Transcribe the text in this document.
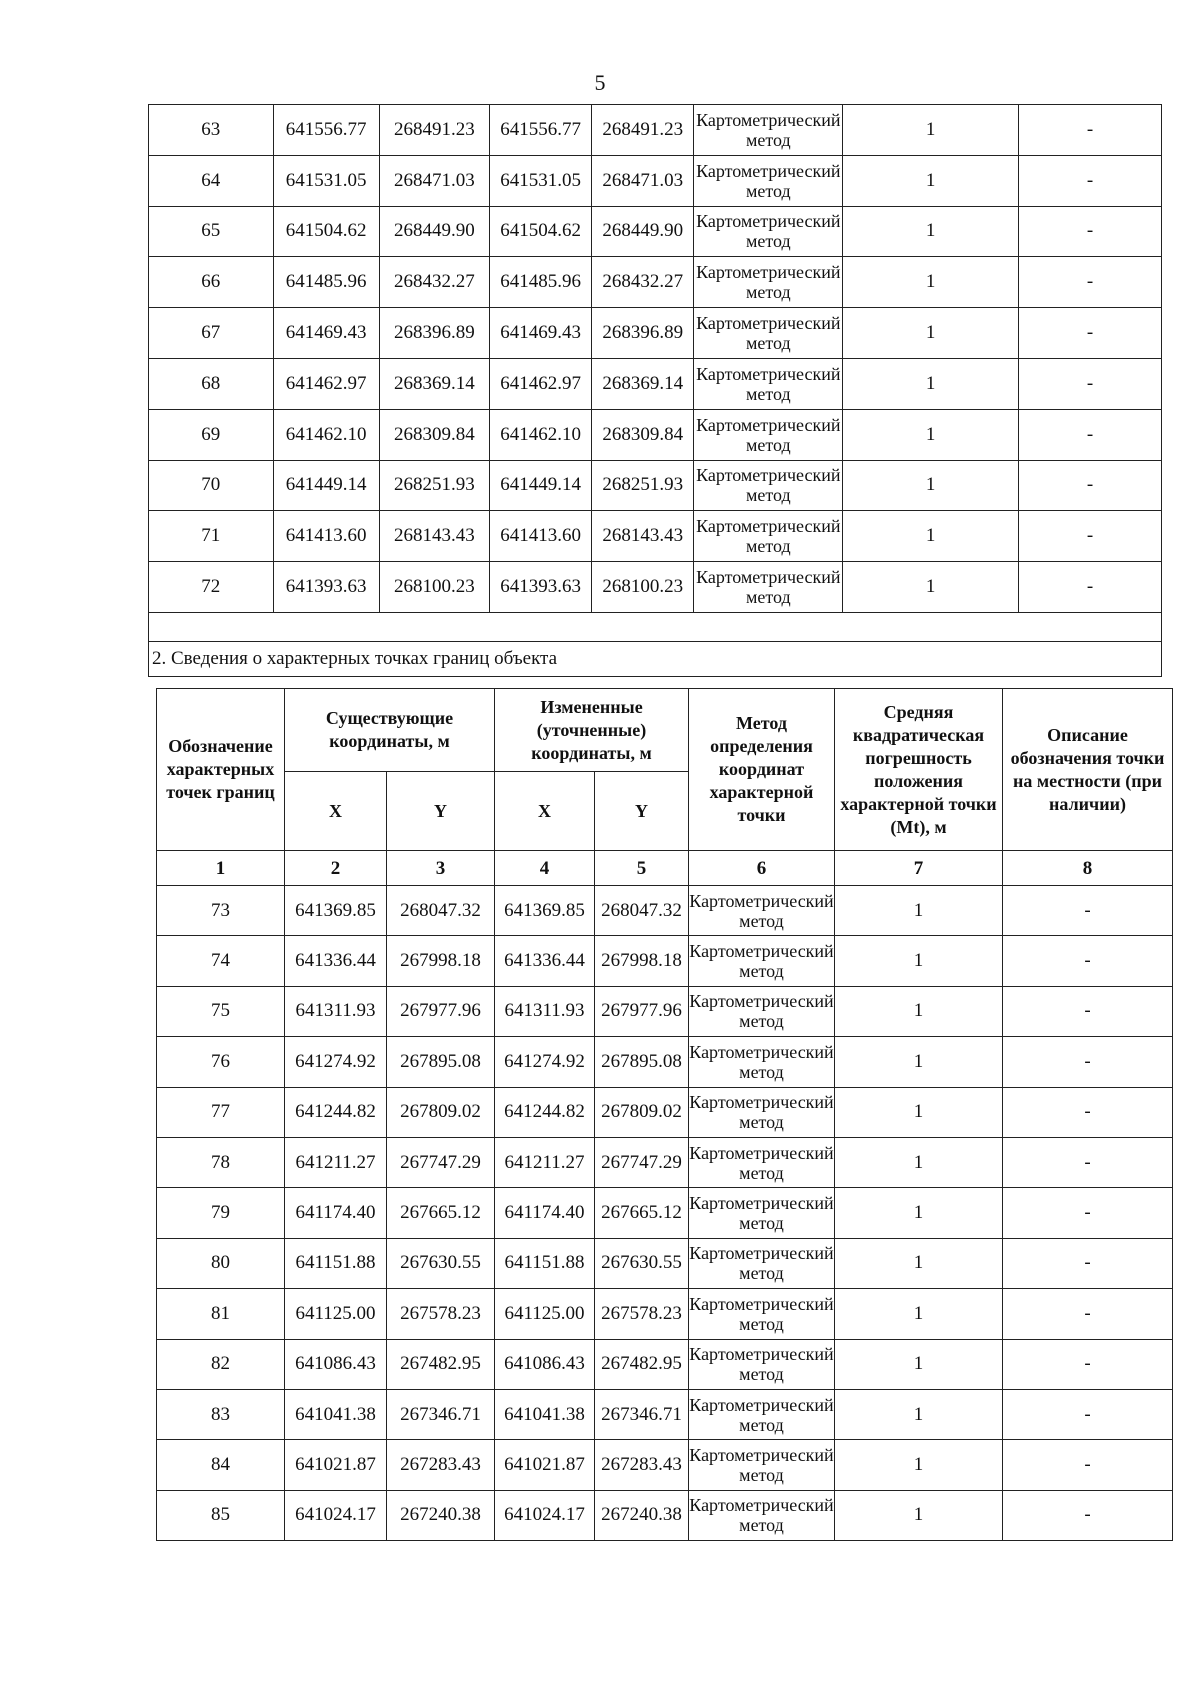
5
63	641556.77	268491.23	641556.77	268491.23	Картометрический метод	1	-
64	641531.05	268471.03	641531.05	268471.03	Картометрический метод	1	-
65	641504.62	268449.90	641504.62	268449.90	Картометрический метод	1	-
66	641485.96	268432.27	641485.96	268432.27	Картометрический метод	1	-
67	641469.43	268396.89	641469.43	268396.89	Картометрический метод	1	-
68	641462.97	268369.14	641462.97	268369.14	Картометрический метод	1	-
69	641462.10	268309.84	641462.10	268309.84	Картометрический метод	1	-
70	641449.14	268251.93	641449.14	268251.93	Картометрический метод	1	-
71	641413.60	268143.43	641413.60	268143.43	Картометрический метод	1	-
72	641393.63	268100.23	641393.63	268100.23	Картометрический метод	1	-

2. Сведения о характерных точках границ объекта							
Обозначение характерных точек границ	Существующие координаты, м		Измененные (уточненные) координаты, м		Метод определения координат характерной точки	Средняя квадратическая погрешность положения характерной точки (Mt), м	Описание обозначения точки на местности (при наличии)
	X	Y	X	Y			
1	2	3	4	5	6	7	8
73	641369.85	268047.32	641369.85	268047.32	Картометрический метод	1	-
74	641336.44	267998.18	641336.44	267998.18	Картометрический метод	1	-
75	641311.93	267977.96	641311.93	267977.96	Картометрический метод	1	-
76	641274.92	267895.08	641274.92	267895.08	Картометрический метод	1	-
77	641244.82	267809.02	641244.82	267809.02	Картометрический метод	1	-
78	641211.27	267747.29	641211.27	267747.29	Картометрический метод	1	-
79	641174.40	267665.12	641174.40	267665.12	Картометрический метод	1	-
80	641151.88	267630.55	641151.88	267630.55	Картометрический метод	1	-
81	641125.00	267578.23	641125.00	267578.23	Картометрический метод	1	-
82	641086.43	267482.95	641086.43	267482.95	Картометрический метод	1	-
83	641041.38	267346.71	641041.38	267346.71	Картометрический метод	1	-
84	641021.87	267283.43	641021.87	267283.43	Картометрический метод	1	-
85	641024.17	267240.38	641024.17	267240.38	Картометрический метод	1	-
